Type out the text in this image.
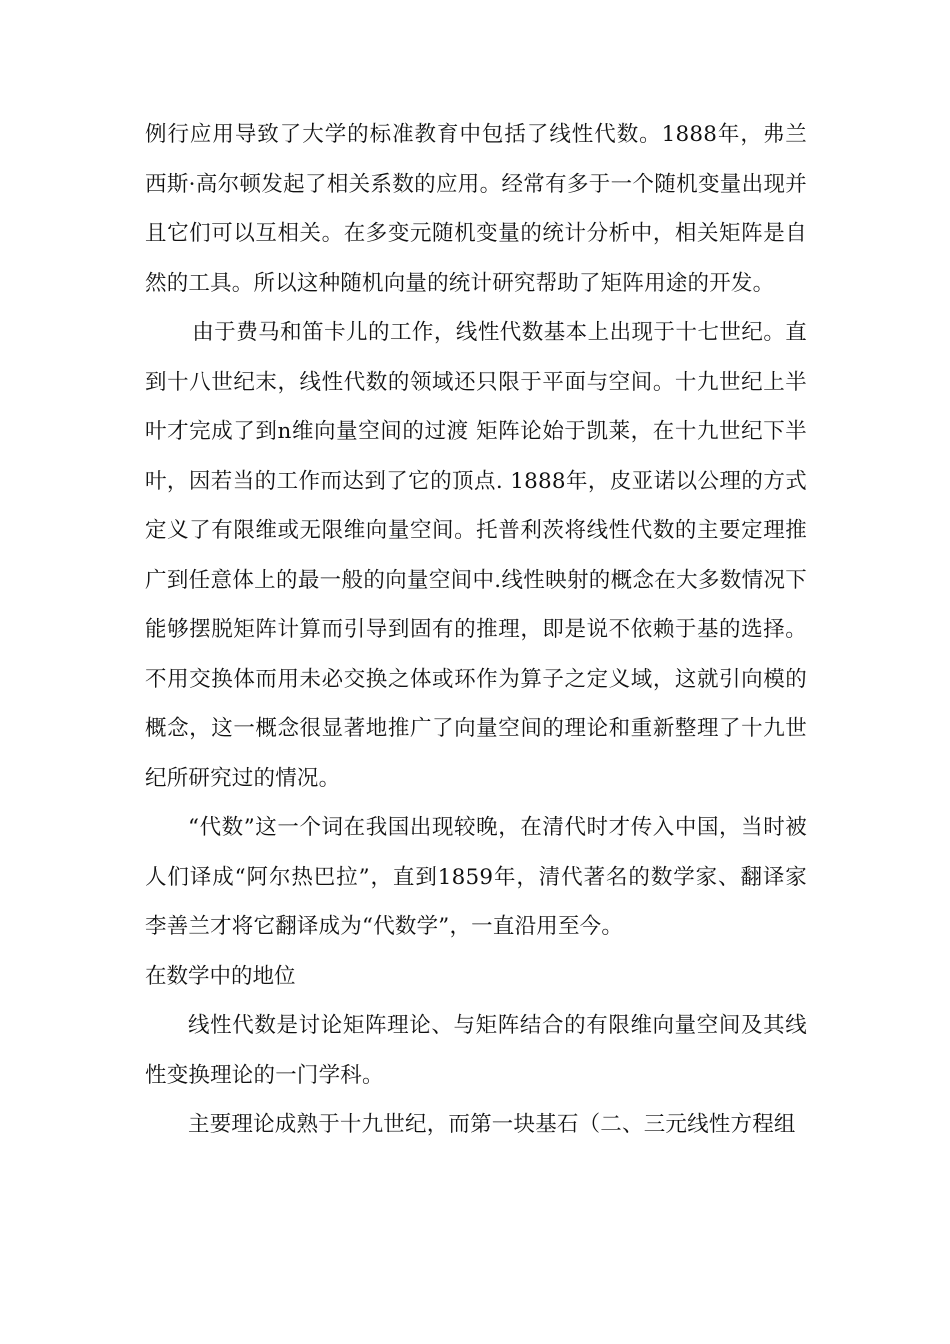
例行应用导致了大学的标准教育中包括了线性代数。1888年，弗兰西斯·高尔顿发起了相关系数的应用。经常有多于一个随机变量出现并且它们可以互相关。在多变元随机变量的统计分析中，相关矩阵是自然的工具。所以这种随机向量的统计研究帮助了矩阵用途的开发。

由于费马和笛卡儿的工作，线性代数基本上出现于十七世纪。直到十八世纪末，线性代数的领域还只限于平面与空间。十九世纪上半叶才完成了到n维向量空间的过渡 矩阵论始于凯莱，在十九世纪下半叶，因若当的工作而达到了它的顶点. 1888年，皮亚诺以公理的方式定义了有限维或无限维向量空间。托普利茨将线性代数的主要定理推广到任意体上的最一般的向量空间中.线性映射的概念在大多数情况下能够摆脱矩阵计算而引导到固有的推理，即是说不依赖于基的选择。不用交换体而用未必交换之体或环作为算子之定义域，这就引向模的概念，这一概念很显著地推广了向量空间的理论和重新整理了十九世纪所研究过的情况。

“代数”这一个词在我国出现较晚，在清代时才传入中国，当时被人们译成“阿尔热巴拉”，直到1859年，清代著名的数学家、翻译家李善兰才将它翻译成为“代数学”，一直沿用至今。

在数学中的地位

线性代数是讨论矩阵理论、与矩阵结合的有限维向量空间及其线性变换理论的一门学科。

主要理论成熟于十九世纪，而第一块基石（二、三元线性方程组
